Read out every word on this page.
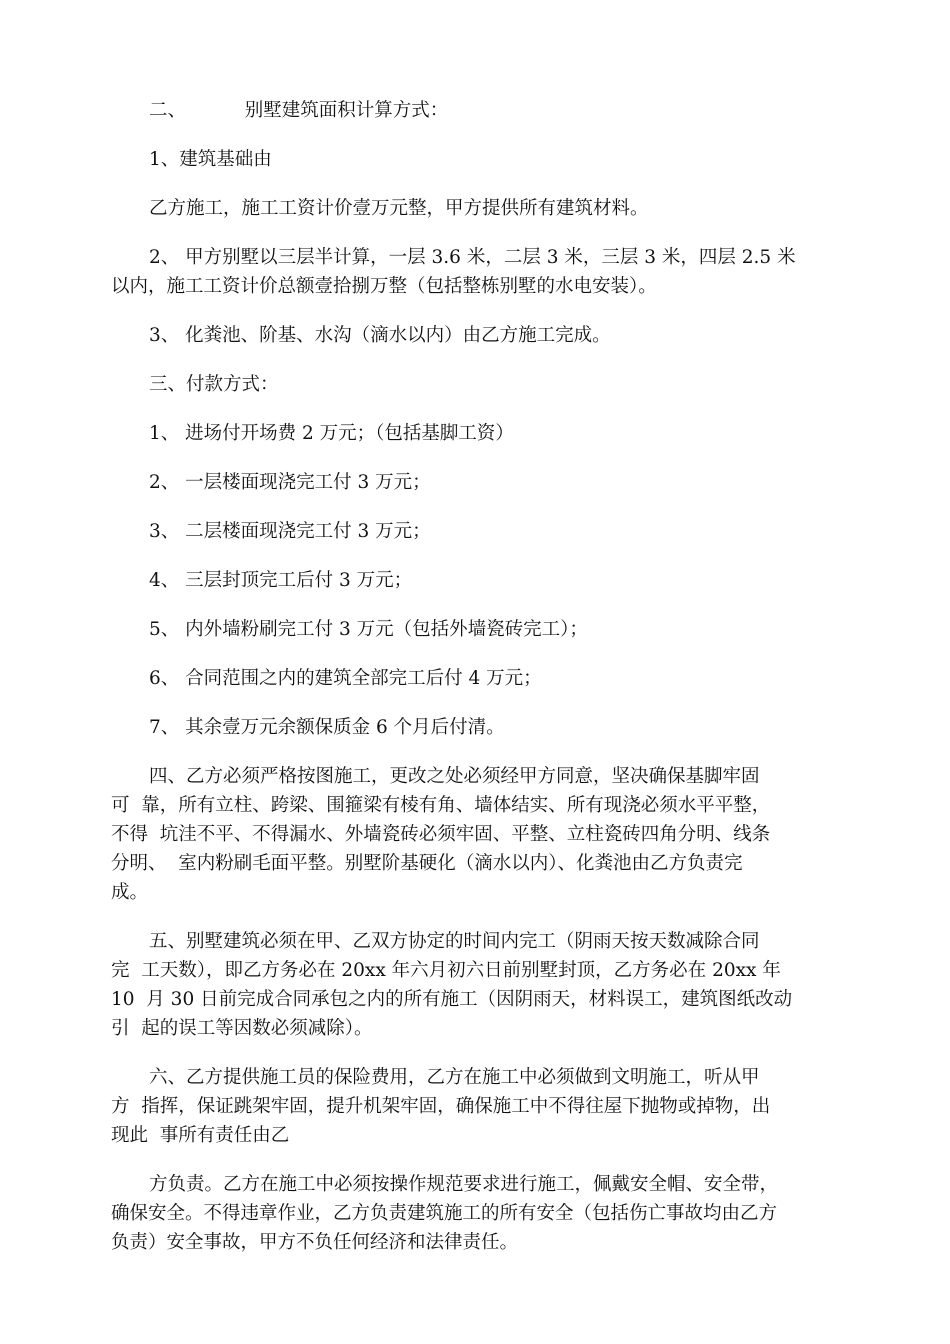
二、          别墅建筑面积计算方式：

1、建筑基础由

乙方施工，施工工资计价壹万元整，甲方提供所有建筑材料。

2、 甲方别墅以三层半计算，一层 3.6 米，二层 3 米，三层 3 米，四层 2.5 米

以内，施工工资计价总额壹拾捌万整（包括整栋别墅的水电安装）。

3、 化粪池、阶基、水沟（滴水以内）由乙方施工完成。

三、付款方式：

1、 进场付开场费 2 万元；（包括基脚工资）

2、 一层楼面现浇完工付 3 万元；

3、 二层楼面现浇完工付 3 万元；

4、 三层封顶完工后付 3 万元；

5、 内外墙粉刷完工付 3 万元（包括外墙瓷砖完工）；

6、 合同范围之内的建筑全部完工后付 4 万元；

7、 其余壹万元余额保质金 6 个月后付清。

四、乙方必须严格按图施工，更改之处必须经甲方同意，坚决确保基脚牢固

可  靠，所有立柱、跨梁、围箍梁有棱有角、墙体结实、所有现浇必须水平平整，

不得  坑洼不平、不得漏水、外墙瓷砖必须牢固、平整、立柱瓷砖四角分明、线条

分明、  室内粉刷毛面平整。别墅阶基硬化（滴水以内）、化粪池由乙方负责完

成。

五、别墅建筑必须在甲、乙双方协定的时间内完工（阴雨天按天数减除合同

完  工天数），即乙方务必在 20xx 年六月初六日前别墅封顶，乙方务必在 20xx 年

10  月 30 日前完成合同承包之内的所有施工（因阴雨天，材料误工，建筑图纸改动

引  起的误工等因数必须减除）。

六、乙方提供施工员的保险费用，乙方在施工中必须做到文明施工，听从甲

方  指挥，保证跳架牢固，提升机架牢固，确保施工中不得往屋下抛物或掉物，出

现此  事所有责任由乙

方负责。乙方在施工中必须按操作规范要求进行施工，佩戴安全帽、安全带，

确保安全。不得违章作业，乙方负责建筑施工的所有安全（包括伤亡事故均由乙方

负责）安全事故，甲方不负任何经济和法律责任。
